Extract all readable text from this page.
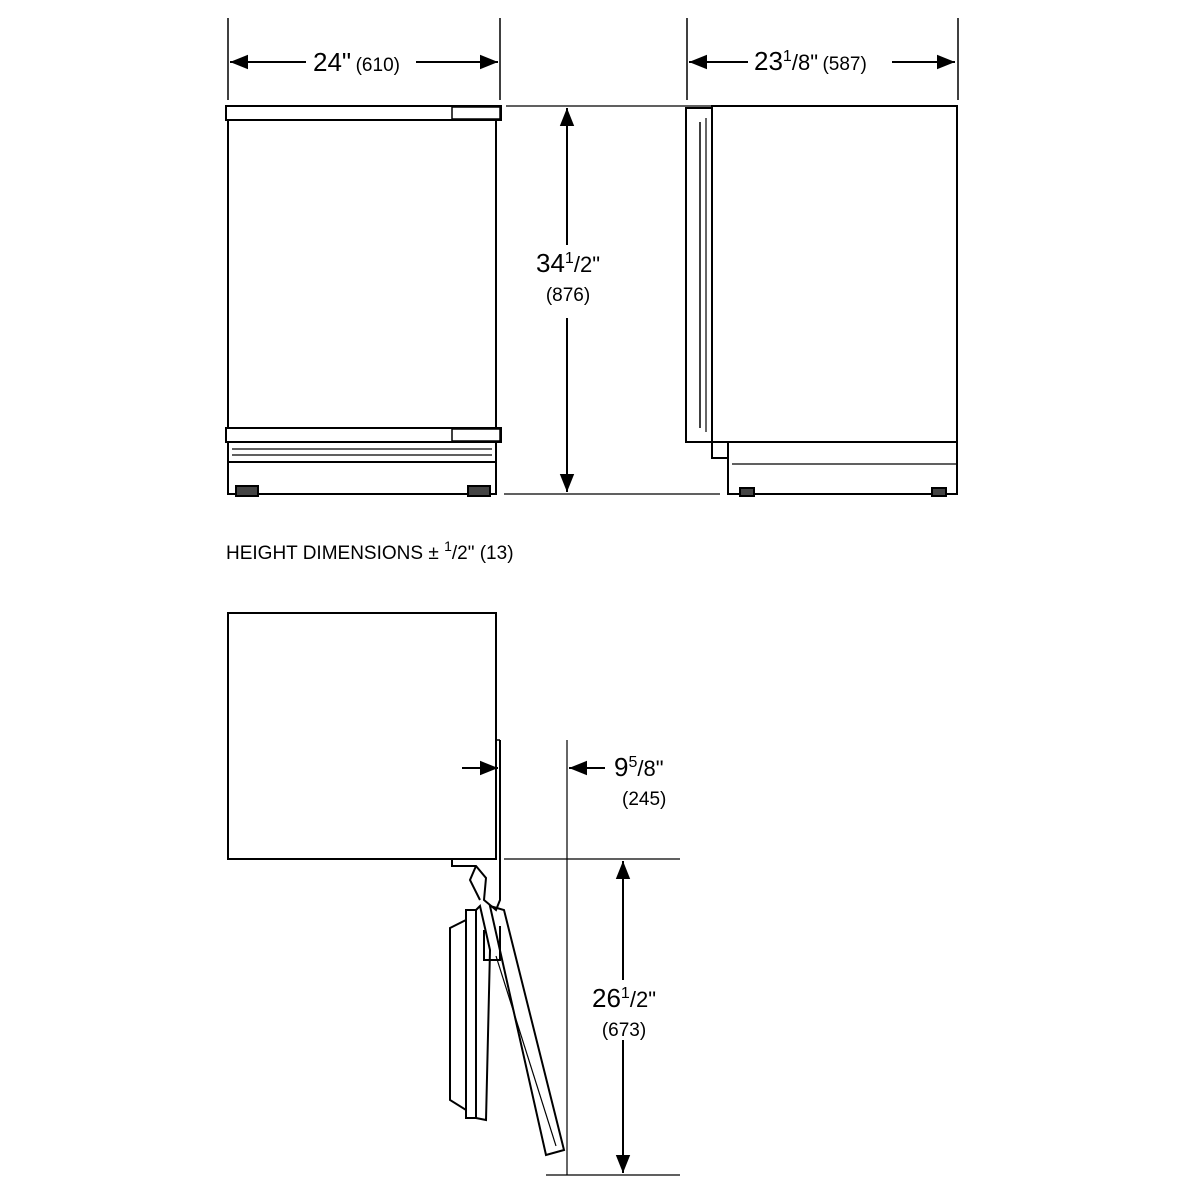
24" (610)	$23^1/8$" (587)
$34^1/2$"
(876)
HEIGHT DIMENSIONS ± $^1$/2" (13)
$9^5/8$"
(245)
$26^1/2$"
(673)
